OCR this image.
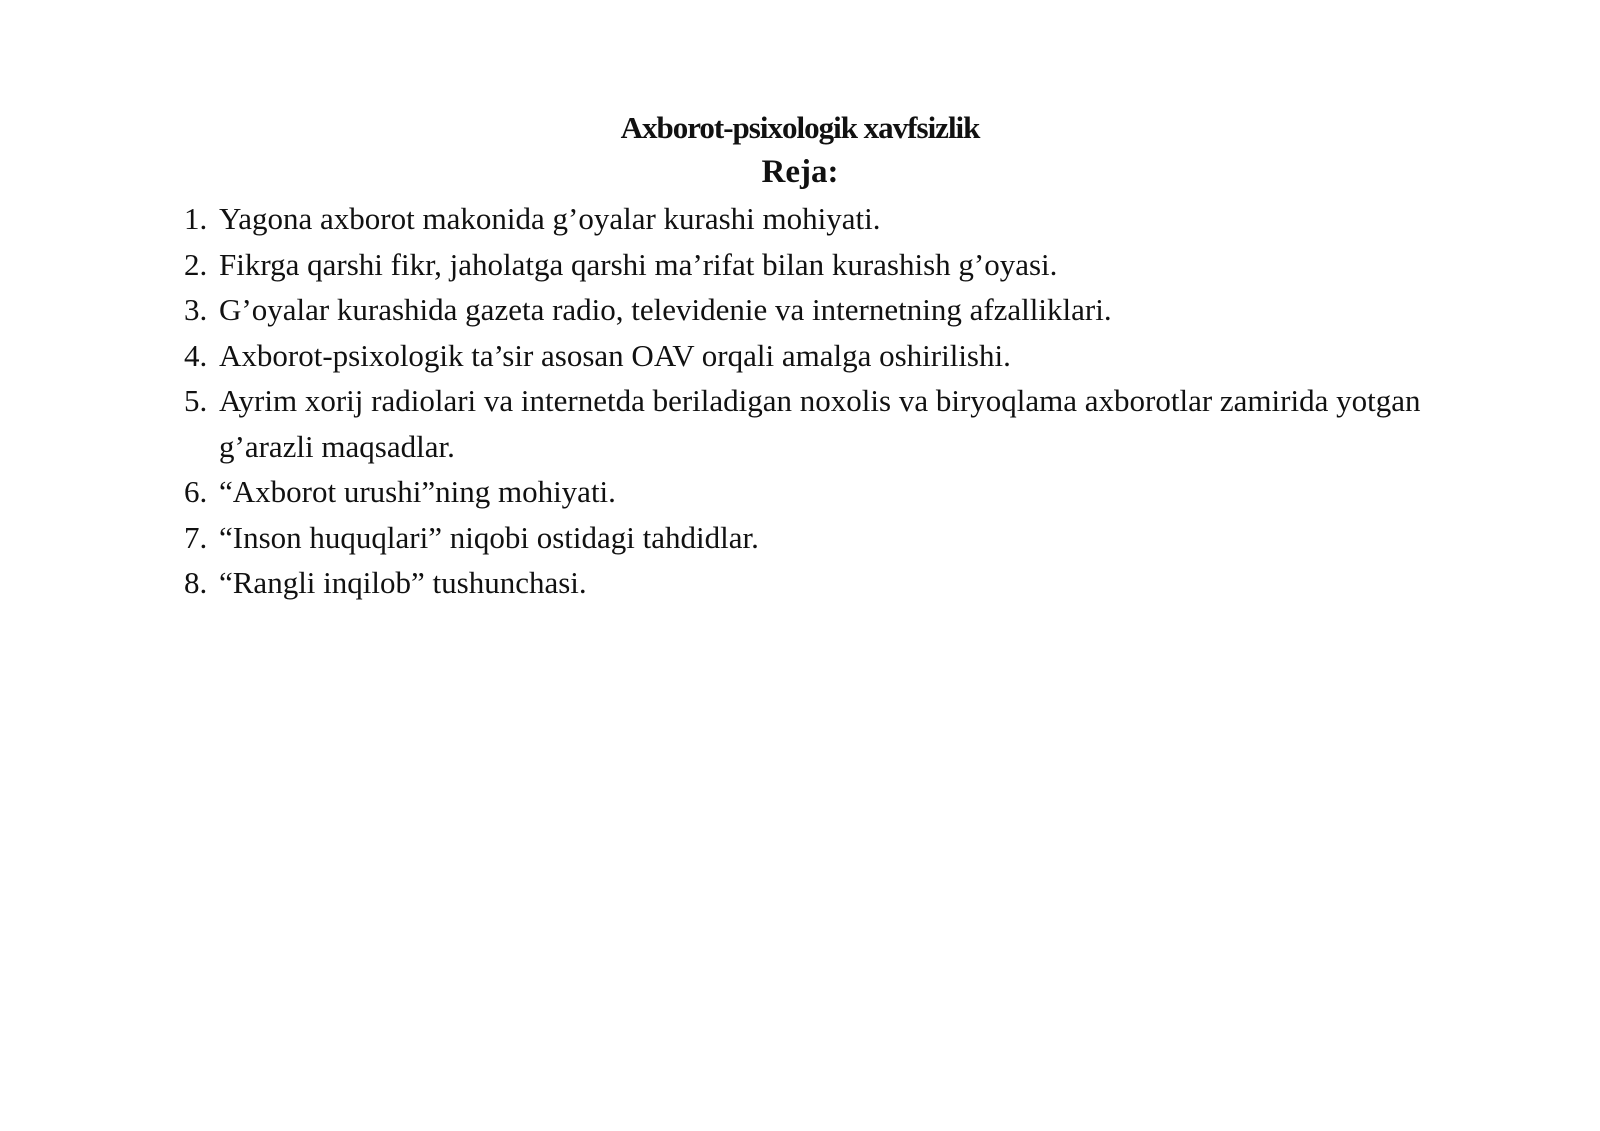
Axborot-psixologik xavfsizlik
Reja:
1. Yagona axborot makonida g’oyalar kurashi mohiyati.
2. Fikrga qarshi fikr, jaholatga qarshi ma’rifat bilan kurashish g’oyasi.
3. G’oyalar kurashida gazeta radio, televidenie va internetning afzalliklari.
4. Axborot-psixologik ta’sir asosan OAV orqali amalga oshirilishi.
5. Ayrim xorij radiolari va internetda beriladigan noxolis va biryoqlama axborotlar zamirida yotgan g’arazli maqsadlar.
6. “Axborot urushi”ning mohiyati.
7. “Inson huquqlari” niqobi ostidagi tahdidlar.
8. “Rangli inqilob” tushunchasi.
